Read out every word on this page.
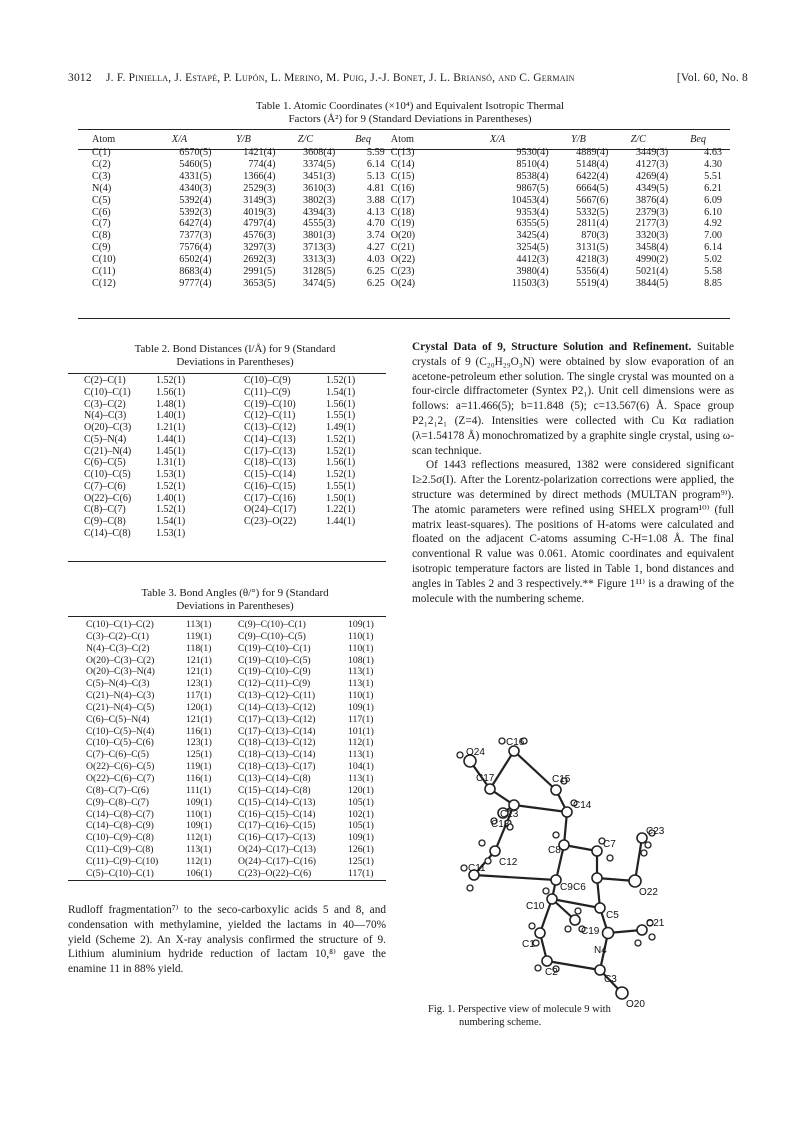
3012 J. F. Piniella, J. Estapé, P. Lupón, L. Merino, M. Puig, J.-J. Bonet, J. L. Briansó, and C. Germain	[Vol. 60, No. 8
Table 1. Atomic Coordinates (×10⁴) and Equivalent Isotropic Thermal
Factors (Å²) for 9 (Standard Deviations in Parentheses)
Atom	X/A	Y/B	Z/C	Beq	Atom	X/A	Y/B	Z/C	Beq
C(1)	6570(5)	1421(4)	3608(4)	5.59	C(13)	9530(4)	4889(4)	3449(3)	4.63
C(2)	5460(5)	774(4)	3374(5)	6.14	C(14)	8510(4)	5148(4)	4127(3)	4.30
C(3)	4331(5)	1366(4)	3451(3)	5.13	C(15)	8538(4)	6422(4)	4269(4)	5.51
N(4)	4340(3)	2529(3)	3610(3)	4.81	C(16)	9867(5)	6664(5)	4349(5)	6.21
C(5)	5392(4)	3149(3)	3802(3)	3.88	C(17)	10453(4)	5667(6)	3876(4)	6.09
C(6)	5392(3)	4019(3)	4394(3)	4.13	C(18)	9353(4)	5332(5)	2379(3)	6.10
C(7)	6427(4)	4797(4)	4555(3)	4.70	C(19)	6355(5)	2811(4)	2177(3)	4.92
C(8)	7377(3)	4576(3)	3801(3)	3.74	O(20)	3425(4)	870(3)	3320(3)	7.00
C(9)	7576(4)	3297(3)	3713(3)	4.27	C(21)	3254(5)	3131(5)	3458(4)	6.14
C(10)	6502(4)	2692(3)	3313(3)	4.03	O(22)	4412(3)	4218(3)	4990(2)	5.02
C(11)	8683(4)	2991(5)	3128(5)	6.25	C(23)	3980(4)	5356(4)	5021(4)	5.58
C(12)	9777(4)	3653(5)	3474(5)	6.25	O(24)	11503(3)	5519(4)	3844(5)	8.85
Table 2. Bond Distances (l/Å) for 9 (Standard
Deviations in Parentheses)
C(2)–C(1)	1.52(1)	C(10)–C(9)	1.52(1)
C(10)–C(1)	1.56(1)	C(11)–C(9)	1.54(1)
C(3)–C(2)	1.48(1)	C(19)–C(10)	1.56(1)
N(4)–C(3)	1.40(1)	C(12)–C(11)	1.55(1)
O(20)–C(3)	1.21(1)	C(13)–C(12)	1.49(1)
C(5)–N(4)	1.44(1)	C(14)–C(13)	1.52(1)
C(21)–N(4)	1.45(1)	C(17)–C(13)	1.52(1)
C(6)–C(5)	1.31(1)	C(18)–C(13)	1.56(1)
C(10)–C(5)	1.53(1)	C(15)–C(14)	1.52(1)
C(7)–C(6)	1.52(1)	C(16)–C(15)	1.55(1)
O(22)–C(6)	1.40(1)	C(17)–C(16)	1.50(1)
C(8)–C(7)	1.52(1)	O(24)–C(17)	1.22(1)
C(9)–C(8)	1.54(1)	C(23)–O(22)	1.44(1)
C(14)–C(8)	1.53(1)		
Table 3. Bond Angles (θ/°) for 9 (Standard
Deviations in Parentheses)
C(10)–C(1)–C(2)	113(1)	C(9)–C(10)–C(1)	109(1)
C(3)–C(2)–C(1)	119(1)	C(9)–C(10)–C(5)	110(1)
N(4)–C(3)–C(2)	118(1)	C(19)–C(10)–C(1)	110(1)
O(20)–C(3)–C(2)	121(1)	C(19)–C(10)–C(5)	108(1)
O(20)–C(3)–N(4)	121(1)	C(19)–C(10)–C(9)	113(1)
C(5)–N(4)–C(3)	123(1)	C(12)–C(11)–C(9)	113(1)
C(21)–N(4)–C(3)	117(1)	C(13)–C(12)–C(11)	110(1)
C(21)–N(4)–C(5)	120(1)	C(14)–C(13)–C(12)	109(1)
C(6)–C(5)–N(4)	121(1)	C(17)–C(13)–C(12)	117(1)
C(10)–C(5)–N(4)	116(1)	C(17)–C(13)–C(14)	101(1)
C(10)–C(5)–C(6)	123(1)	C(18)–C(13)–C(12)	112(1)
C(7)–C(6)–C(5)	125(1)	C(18)–C(13)–C(14)	113(1)
O(22)–C(6)–C(5)	119(1)	C(18)–C(13)–C(17)	104(1)
O(22)–C(6)–C(7)	116(1)	C(13)–C(14)–C(8)	113(1)
C(8)–C(7)–C(6)	111(1)	C(15)–C(14)–C(8)	120(1)
C(9)–C(8)–C(7)	109(1)	C(15)–C(14)–C(13)	105(1)
C(14)–C(8)–C(7)	110(1)	C(16)–C(15)–C(14)	102(1)
C(14)–C(8)–C(9)	109(1)	C(17)–C(16)–C(15)	105(1)
C(10)–C(9)–C(8)	112(1)	C(16)–C(17)–C(13)	109(1)
C(11)–C(9)–C(8)	113(1)	O(24)–C(17)–C(13)	126(1)
C(11)–C(9)–C(10)	112(1)	O(24)–C(17)–C(16)	125(1)
C(5)–C(10)–C(1)	106(1)	C(23)–O(22)–C(6)	117(1)
Rudloff fragmentation⁷⁾ to the seco-carboxylic acids 5 and 8, and condensation with methylamine, yielded the lactams in 40—70% yield (Scheme 2). An X-ray analysis confirmed the structure of 9. Lithium aluminium hydride reduction of lactam 10,⁸⁾ gave the enamine 11 in 88% yield.
Crystal Data of 9, Structure Solution and Refinement. Suitable crystals of 9 (C₂₀H₂₉O₃N) were obtained by slow evaporation of an acetone-petroleum ether solution. The single crystal was mounted on a four-circle diffractometer (Syntex P2₁). Unit cell dimensions were as follows: a=11.466(5); b=11.848 (5); c=13.567(6) Å. Space group P2₁2₁2₁ (Z=4). Intensities were collected with Cu Kα radiation (λ=1.54178 Å) monochromatized by a graphite single crystal, using ω-scan technique.
Of 1443 reflections measured, 1382 were considered significant I≥2.5σ(I). After the Lorentz-polarization corrections were applied, the structure was determined by direct methods (MULTAN program⁹⁾). The atomic parameters were refined using SHELX program¹⁰⁾ (full matrix least-squares). The positions of H-atoms were calculated and floated on the adjacent C-atoms assuming C-H=1.08 Å. The final conventional R value was 0.061. Atomic coordinates and equivalent isotropic temperature factors are listed in Table 1, bond distances and angles in Tables 2 and 3 respectively.** Figure 1¹¹⁾ is a drawing of the molecule with the numbering scheme.
O24
C16
C17	C15
C18
C13
C14
C12
C8
C7
C23
C11
C9 C6	O22
C10
C5
C19
C1
N4
C21
C2
C3
O20
Fig. 1. Perspective view of molecule 9 with
numbering scheme.
